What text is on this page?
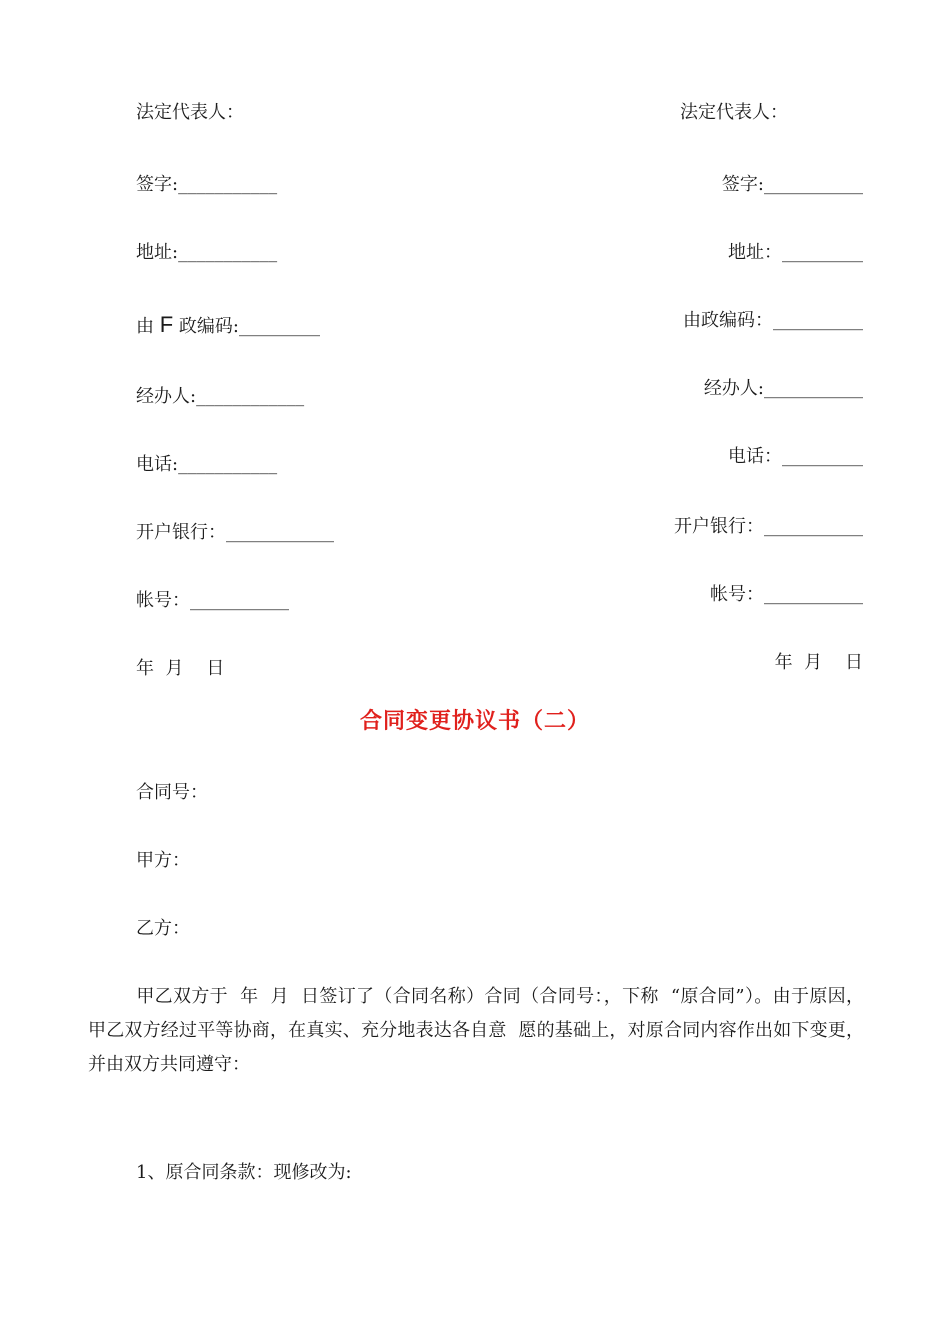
法定代表人：
签字:___________
地址:___________
由 F 政编码:_________
经办人:____________
电话:___________
开户银行：____________
帐号：___________
年  月    日
法定代表人：
签字:___________
地址：_________
由政编码：__________
经办人:___________
电话：_________
开户银行：___________
帐号：___________
年  月    日
合同变更协议书（二）
合同号：
甲方：
乙方：
甲乙双方于  年  月  日签订了（合同名称）合同（合同号：，下称  “原合同”）。由于原因，甲乙双方经过平等协商，在真实、充分地表达各自意  愿的基础上，对原合同内容作出如下变更，并由双方共同遵守：
1、原合同条款：现修改为:
